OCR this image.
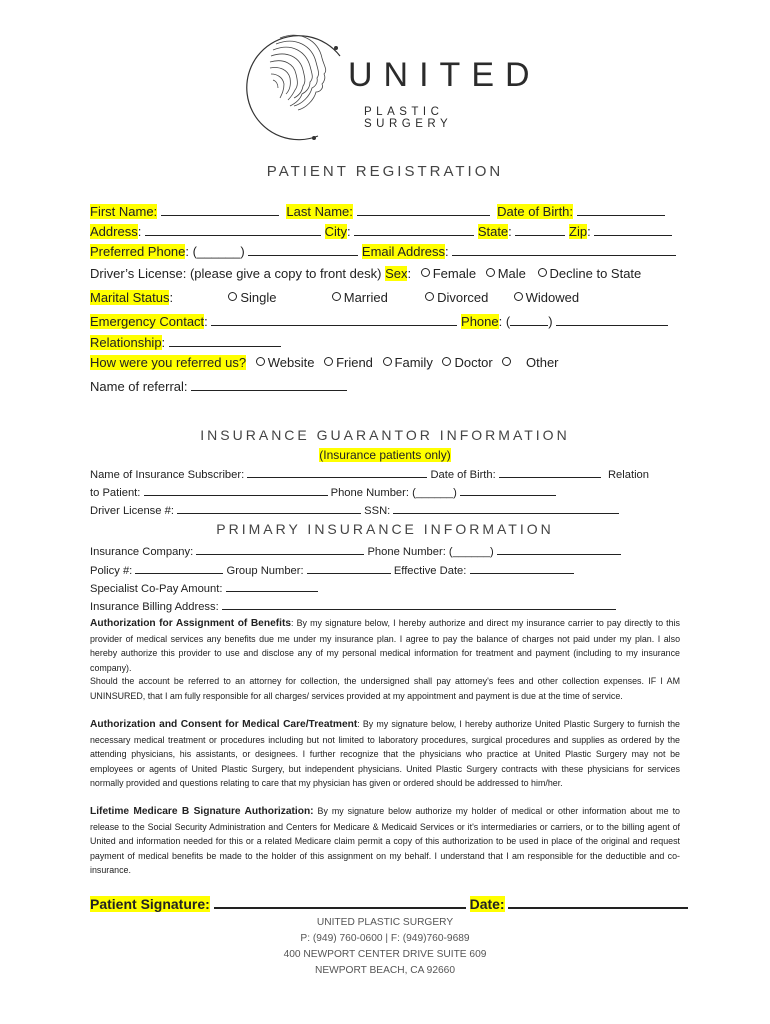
UNITED
PLASTIC SURGERY
PATIENT REGISTRATION
First Name:	Last Name:	Date of Birth:
Address:	City:	State:	Zip:
Preferred Phone: (______)	Email Address:
Driver’s License: (please give a copy to front desk) Sex: Female Male Decline to State
Marital Status:	Single	Married	Divorced	Widowed
Emergency Contact:	Phone: (	)
Relationship:
How were you referred us? Website Friend Family Doctor	Other
Name of referral:
INSURANCE GUARANTOR INFORMATION
(Insurance patients only)
Name of Insurance Subscriber:	Date of Birth:	Relation
to Patient:	Phone Number: (______)
Driver License #:	SSN:
PRIMARY INSURANCE INFORMATION
Insurance Company:	Phone Number: (______)
Policy #:	Group Number:	Effective Date:
Specialist Co-Pay Amount:
Insurance Billing Address:
Authorization for Assignment of Benefits: By my signature below, I hereby authorize and direct my insurance carrier to pay directly to this provider of medical services any benefits due me under my insurance plan. I agree to pay the balance of charges not paid under my plan. I also hereby authorize this provider to use and disclose any of my personal medical information for treatment and payment (including to my insurance company).
Should the account be referred to an attorney for collection, the undersigned shall pay attorney's fees and other collection expenses. IF I AM UNINSURED, that I am fully responsible for all charges/ services provided at my appointment and payment is due at the time of service.
Authorization and Consent for Medical Care/Treatment: By my signature below, I hereby authorize United Plastic Surgery to furnish the necessary medical treatment or procedures including but not limited to laboratory procedures, surgical procedures and supplies as ordered by the attending physicians, his assistants, or designees. I further recognize that the physicians who practice at United Plastic Surgery may not be employees or agents of United Plastic Surgery, but independent physicians. United Plastic Surgery contracts with these physicians for services normally provided and questions relating to care that my physician has given or ordered should be addressed to him/her.
Lifetime Medicare B Signature Authorization: By my signature below authorize my holder of medical or other information about me to release to the Social Security Administration and Centers for Medicare & Medicaid Services or it's intermediaries or carriers, or to the billing agent of United and information needed for this or a related Medicare claim permit a copy of this authorization to be used in place of the original and request payment of medical benefits be made to the holder of this assignment on my behalf. I understand that I am responsible for the deductible and co-insurance.
Patient Signature:	Date:
UNITED PLASTIC SURGERY
P: (949) 760-0600 | F: (949)760-9689
400 NEWPORT CENTER DRIVE SUITE 609
NEWPORT BEACH, CA 92660
